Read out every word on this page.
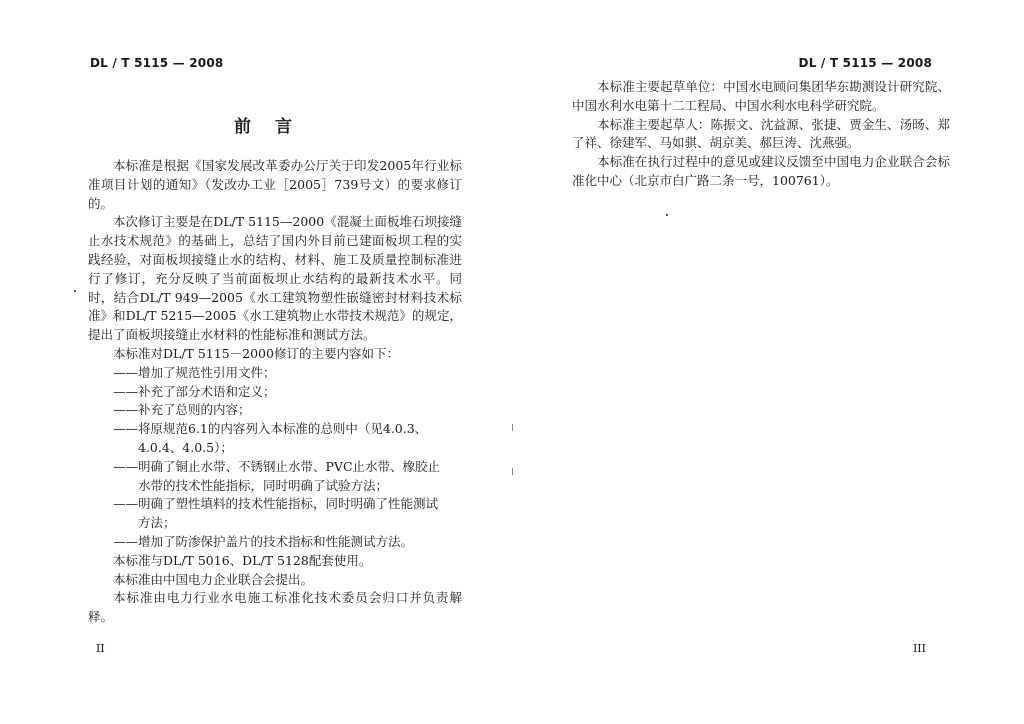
DL / T 5115 — 2008
前言

本标准是根据《国家发展改革委办公厅关于印发2005年行业标准项目计划的通知》（发改办工业［2005］739号文）的要求修订的。

本次修订主要是在DL/T 5115—2000《混凝土面板堆石坝接缝止水技术规范》的基础上，总结了国内外目前已建面板坝工程的实践经验，对面板坝接缝止水的结构、材料、施工及质量控制标准进行了修订，充分反映了当前面板坝止水结构的最新技术水平。同时，结合DL/T 949—2005《水工建筑物塑性嵌缝密封材料技术标准》和DL/T 5215—2005《水工建筑物止水带技术规范》的规定，提出了面板坝接缝止水材料的性能标准和测试方法。

本标准对DL/T 5115－2000修订的主要内容如下：

——增加了规范性引用文件；

——补充了部分术语和定义；

——补充了总则的内容；

——将原规范6.1的内容列入本标准的总则中（见4.0.3、
4.0.4、4.0.5）；

——明确了铜止水带、不锈钢止水带、PVC止水带、橡胶止
水带的技术性能指标，同时明确了试验方法；

——明确了塑性填料的技术性能指标，同时明确了性能测试
方法；

——增加了防渗保护盖片的技术指标和性能测试方法。

本标准与DL/T 5016、DL/T 5128配套使用。

本标准由中国电力企业联合会提出。

本标准由电力行业水电施工标准化技术委员会归口并负责解释。

II
DL / T 5115 — 2008

本标准主要起草单位：中国水电顾问集团华东勘测设计研究院、中国水利水电第十二工程局、中国水利水电科学研究院。

本标准主要起草人：陈振文、沈益源、张捷、贾金生、汤旸、郑了祥、徐建军、马如骐、胡京美、郝巨涛、沈燕强。

本标准在执行过程中的意见或建议反馈至中国电力企业联合会标准化中心（北京市白广路二条一号，100761）。

III
